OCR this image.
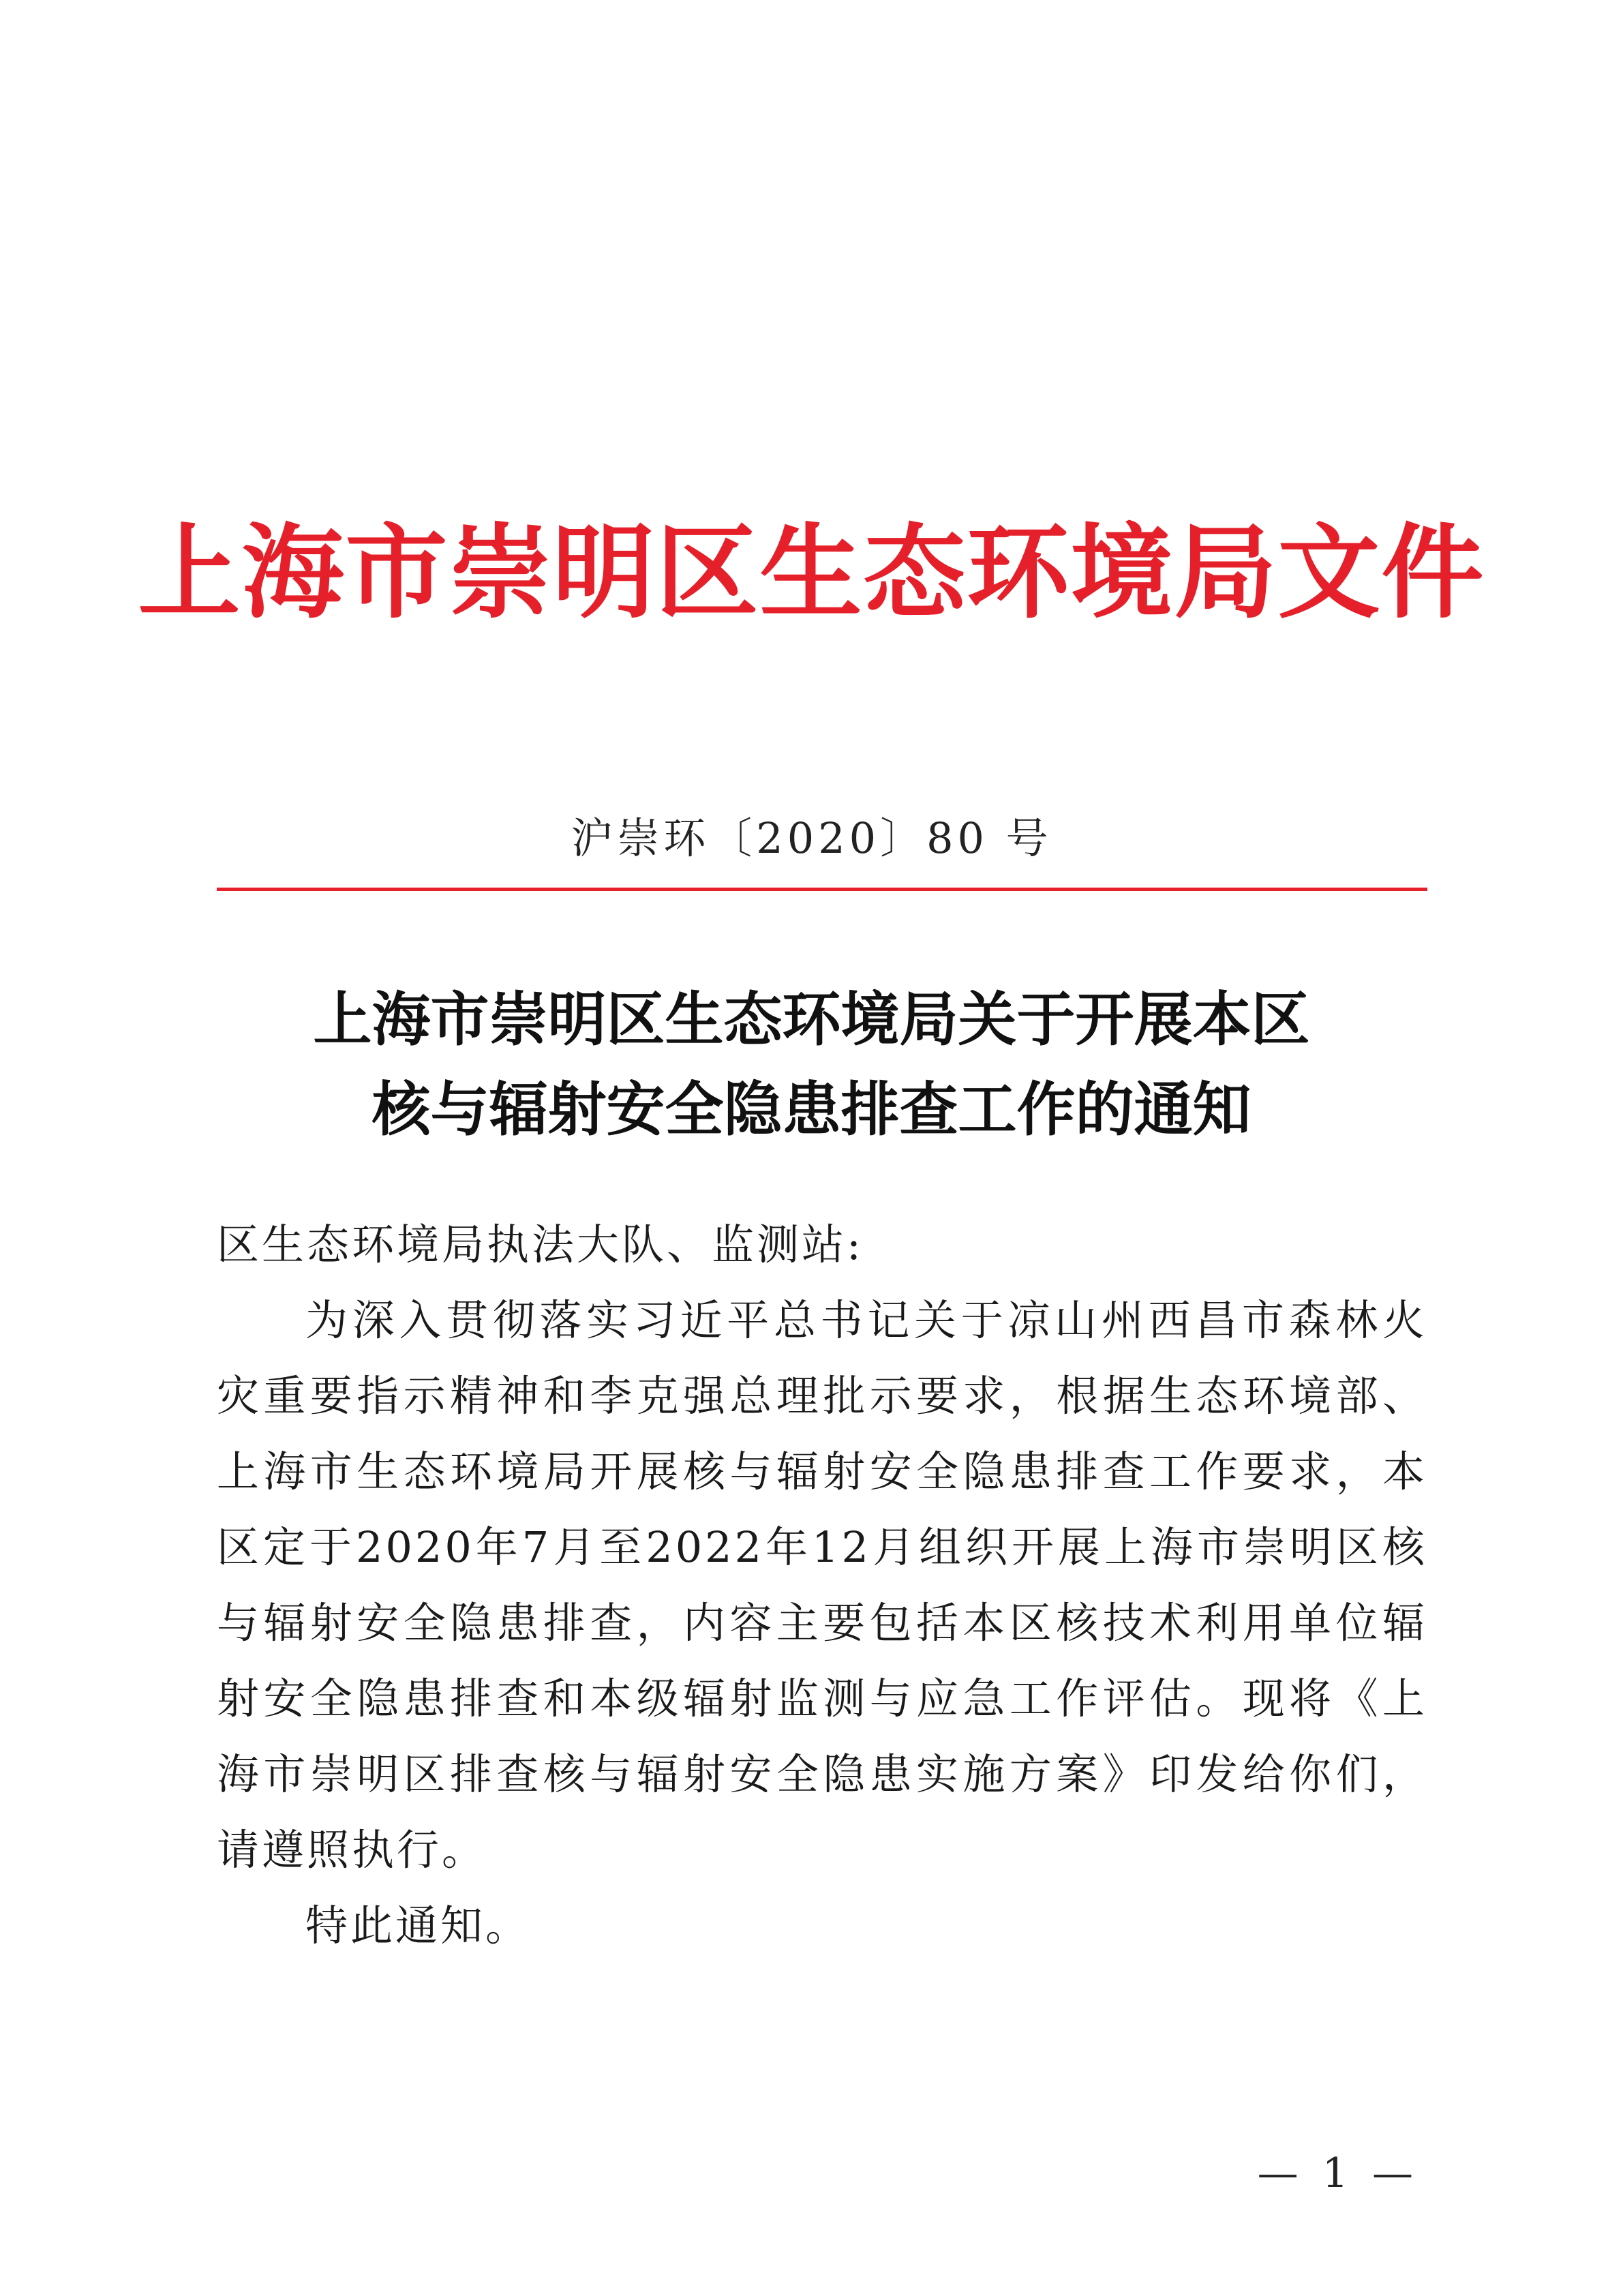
上海市崇明区生态环境局文件
沪崇环〔2020〕80 号
上海市崇明区生态环境局关于开展本区
核与辐射安全隐患排查工作的通知

区生态环境局执法大队、监测站:

为深入贯彻落实习近平总书记关于凉山州西昌市森林火灾重要指示精神和李克强总理批示要求，根据生态环境部、上海市生态环境局开展核与辐射安全隐患排查工作要求，本区定于2020年7月至2022年12月组织开展上海市崇明区核与辐射安全隐患排查，内容主要包括本区核技术利用单位辐射安全隐患排查和本级辐射监测与应急工作评估。现将《上海市崇明区排查核与辐射安全隐患实施方案》印发给你们，请遵照执行。

特此通知。

— 1 —
